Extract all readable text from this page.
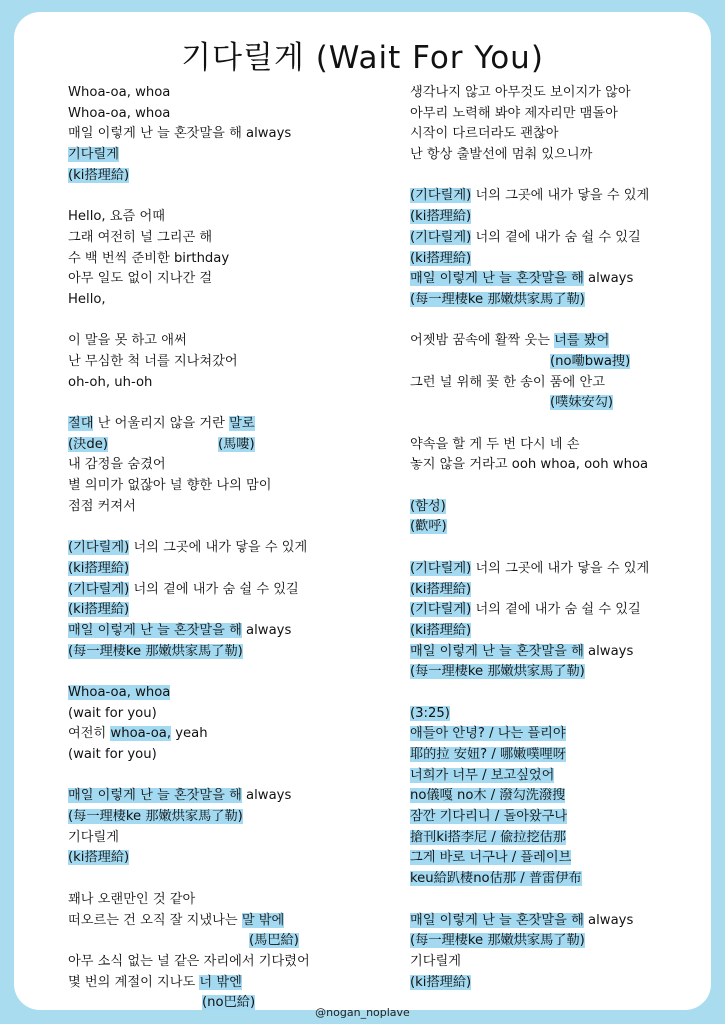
기다릴게 (Wait For You)
Whoa-oa, whoa
Whoa-oa, whoa
매일 이렇게 난 늘 혼잣말을 해 always
기다릴게
(ki搭理給)
Hello, 요즘 어때
그래 여전히 널 그리곤 해
수 백 번씩 준비한 birthday
아무 일도 없이 지나간 걸
Hello,
이 말을 못 하고 애써
난 무심한 척 너를 지나쳐갔어
oh-oh, uh-oh
절대 난 어울리지 않을 거란 말로
(決de)	(馬嘍)
내 감정을 숨겼어
별 의미가 없잖아 널 향한 나의 맘이
점점 커져서
(기다릴게) 너의 그곳에 내가 닿을 수 있게
(ki搭理給)
(기다릴게) 너의 곁에 내가 숨 쉴 수 있길
(ki搭理給)
매일 이렇게 난 늘 혼잣말을 해 always
(每一理棲ke 那嫩烘家馬了勒)
Whoa-oa, whoa
(wait for you)
여전히 whoa-oa, yeah
(wait for you)
매일 이렇게 난 늘 혼잣말을 해 always
(每一理棲ke 那嫩烘家馬了勒)
기다릴게
(ki搭理給)
꽤나 오랜만인 것 같아
떠오르는 건 오직 잘 지냈나는 말 밖에
(馬巴給)
아무 소식 없는 널 같은 자리에서 기다렸어
몇 번의 계절이 지나도 너 밖엔
(no巴給)
생각나지 않고 아무것도 보이지가 않아
아무리 노력해 봐야 제자리만 맴돌아
시작이 다르더라도 괜찮아
난 항상 출발선에 멈춰 있으니까
(기다릴게) 너의 그곳에 내가 닿을 수 있게
(ki搭理給)
(기다릴게) 너의 곁에 내가 숨 쉴 수 있길
(ki搭理給)
매일 이렇게 난 늘 혼잣말을 해 always
(每一理棲ke 那嫩烘家馬了勒)
어젯밤 꿈속에 활짝 웃는 너를 봤어
(no嘞bwa捜)
그런 널 위해 꽃 한 송이 품에 안고
(噗妹安勾)
약속을 할 게 두 번 다시 네 손
놓지 않을 거라고 ooh whoa, ooh whoa
(함성)
(歡呼)
(기다릴게) 너의 그곳에 내가 닿을 수 있게
(ki搭理給)
(기다릴게) 너의 곁에 내가 숨 쉴 수 있길
(ki搭理給)
매일 이렇게 난 늘 혼잣말을 해 always
(每一理棲ke 那嫩烘家馬了勒)
(3:25)
애들아 안녕? / 나는 플리야
耶的拉 安妞? / 哪嫩噗哩呀
너희가 너무 / 보고싶었어
no儀嘎 no木 / 潑勾洗潑搜
잠깐 기다리니 / 돌아왔구나
搶刊ki搭李尼 / 偸拉挖估那
그게 바로 너구나 / 플레이브
keu給趴棲no估那 / 普雷伊布
매일 이렇게 난 늘 혼잣말을 해 always
(每一理棲ke 那嫩烘家馬了勒)
기다릴게
(ki搭理給)
@nogan_noplave
